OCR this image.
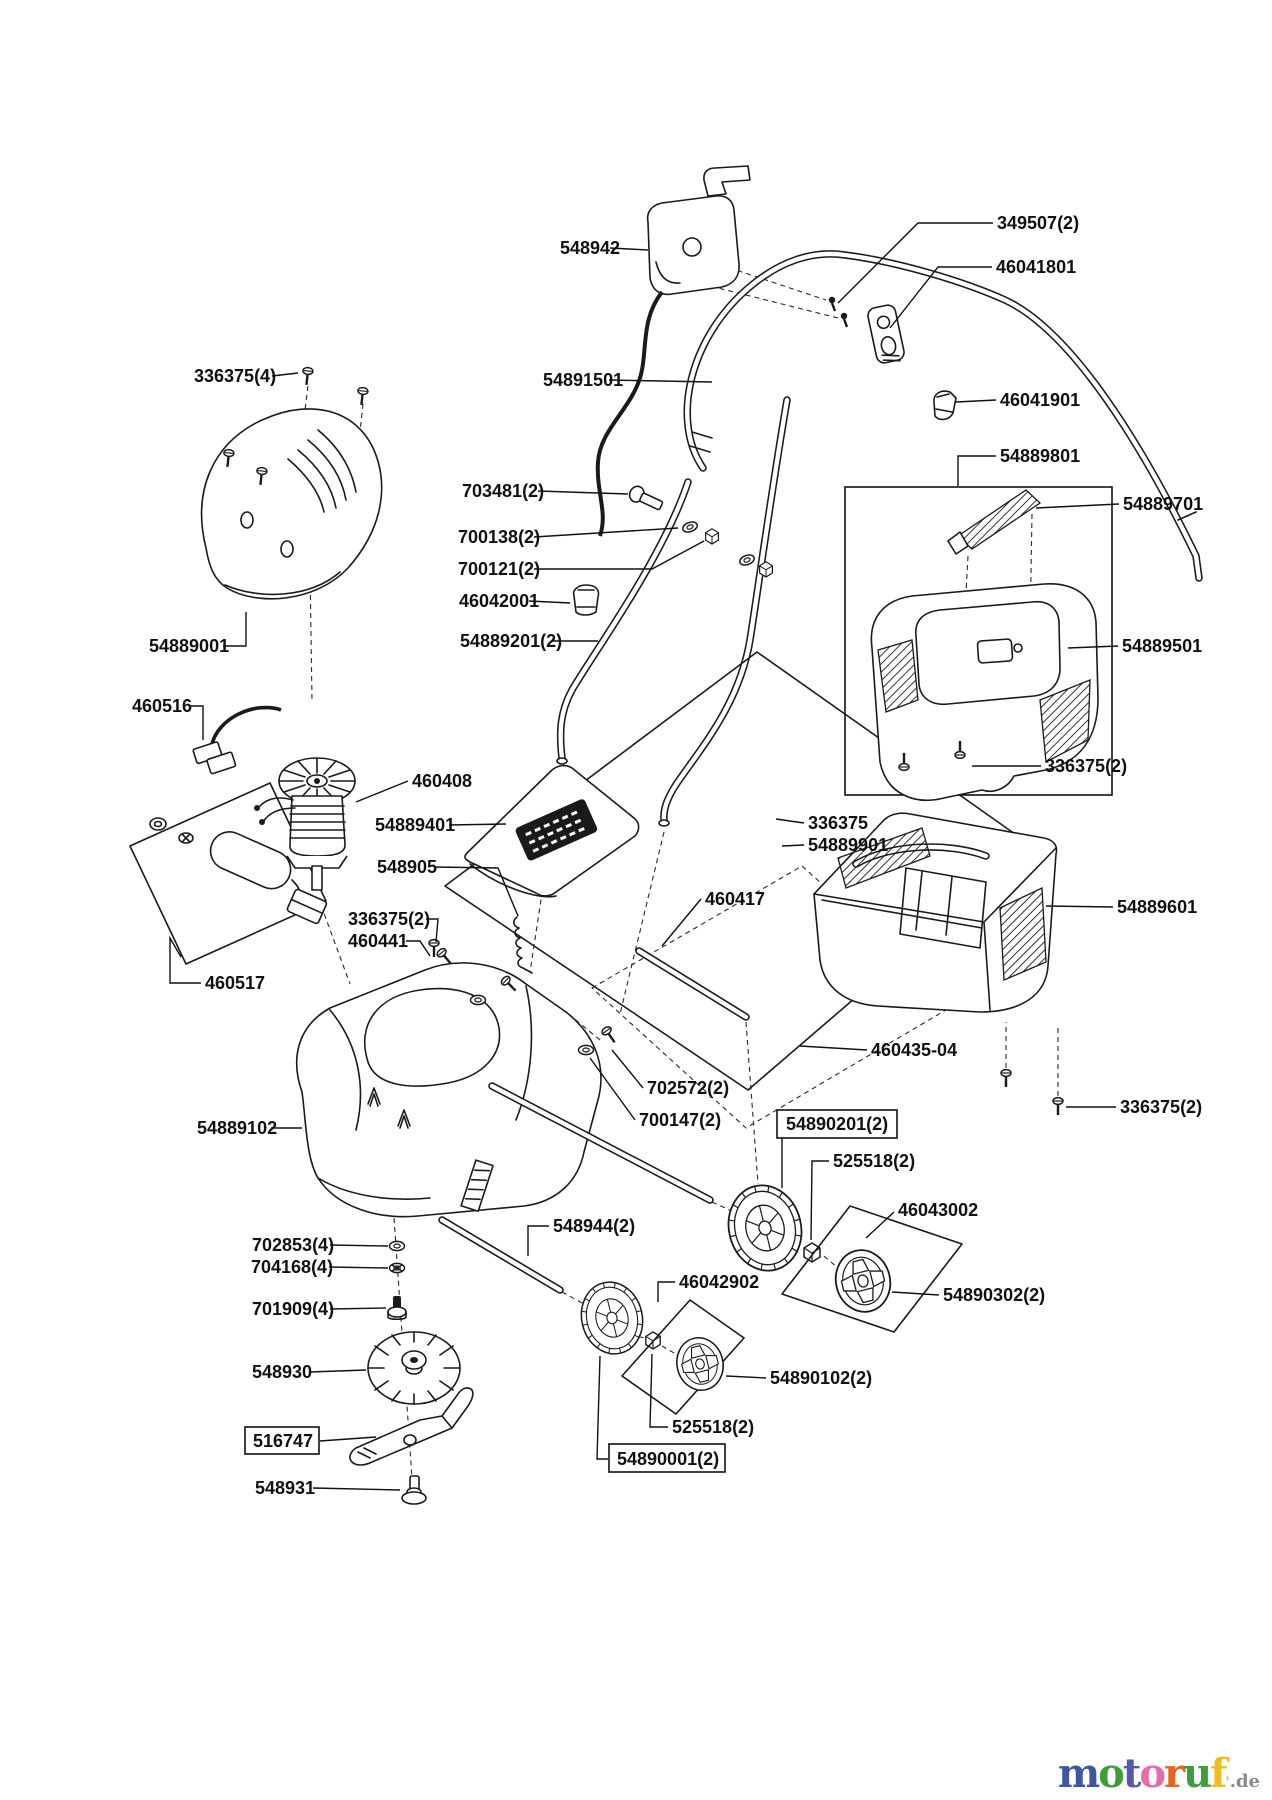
548942
349507(2)
46041801
46041901
336375(4)
54889001
54891501
703481(2)
700138(2)
700121(2)
46042001
54889201(2)
54889801
54889701
54889501
336375(2)
336375
54889901
460417	54889601
460516
460408
54889401
548905
336375(2)
460441
460517
460435-04
54889102
702572(2)
700147(2)	54890201(2)
525518(2)
46043002
54890302(2)
548944(2)
46042902
54890102(2)
525518(2)
54890001(2)
702853(4)
704168(4)
701909(4)
548930
516747
548931
336375(2)
motoruf'.de
